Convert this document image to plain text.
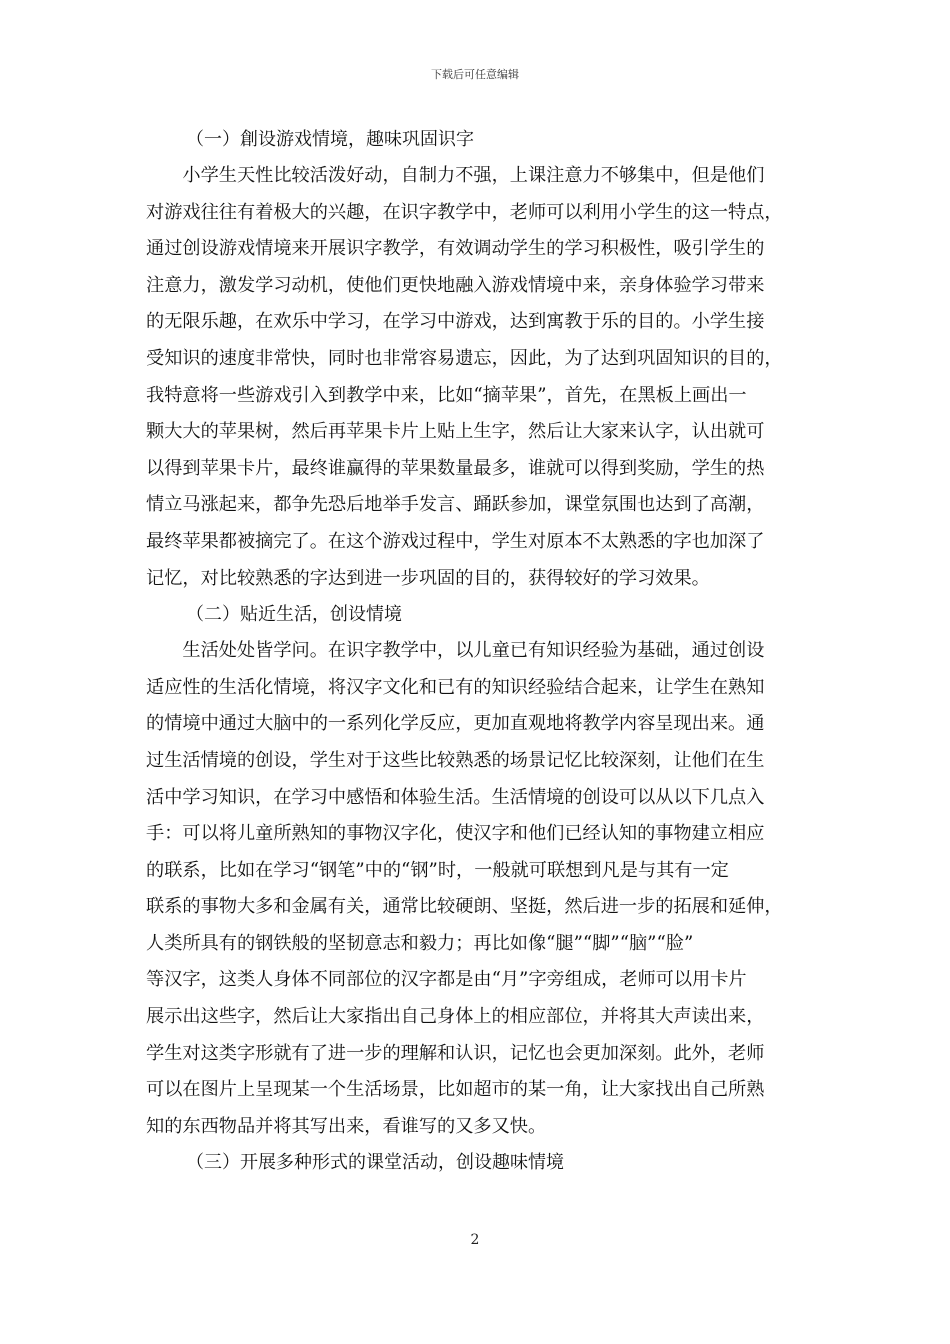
下载后可任意编辑
（一）創设游戏情境，趣味巩固识字
小学生天性比较活泼好动，自制力不强，上课注意力不够集中，但是他们
对游戏往往有着极大的兴趣，在识字教学中，老师可以利用小学生的这一特点，
通过创设游戏情境来开展识字教学，有效调动学生的学习积极性，吸引学生的
注意力，激发学习动机，使他们更快地融入游戏情境中来，亲身体验学习带来
的无限乐趣，在欢乐中学习，在学习中游戏，达到寓教于乐的目的。小学生接
受知识的速度非常快，同时也非常容易遗忘，因此，为了达到巩固知识的目的，
我特意将一些游戏引入到教学中来，比如“摘苹果”，首先，在黑板上画出一
颗大大的苹果树，然后再苹果卡片上贴上生字，然后让大家来认字，认出就可
以得到苹果卡片，最终谁赢得的苹果数量最多，谁就可以得到奖励，学生的热
情立马涨起来，都争先恐后地举手发言、踊跃参加，课堂氛围也达到了高潮，
最终苹果都被摘完了。在这个游戏过程中，学生对原本不太熟悉的字也加深了
记忆，对比较熟悉的字达到进一步巩固的目的，获得较好的学习效果。
（二）贴近生活，创设情境
生活处处皆学问。在识字教学中，以儿童已有知识经验为基础，通过创设
适应性的生活化情境，将汉字文化和已有的知识经验结合起来，让学生在熟知
的情境中通过大脑中的一系列化学反应，更加直观地将教学内容呈现出来。通
过生活情境的创设，学生对于这些比较熟悉的场景记忆比较深刻，让他们在生
活中学习知识，在学习中感悟和体验生活。生活情境的创设可以从以下几点入
手：可以将儿童所熟知的事物汉字化，使汉字和他们已经认知的事物建立相应
的联系，比如在学习“钢笔”中的“钢”时，一般就可联想到凡是与其有一定
联系的事物大多和金属有关，通常比较硬朗、坚挺，然后进一步的拓展和延伸，
人类所具有的钢铁般的坚韧意志和毅力；再比如像“腿”“脚”“脑”“脸”
等汉字，这类人身体不同部位的汉字都是由“月”字旁组成，老师可以用卡片
展示出这些字，然后让大家指出自己身体上的相应部位，并将其大声读出来，
学生对这类字形就有了进一步的理解和认识，记忆也会更加深刻。此外，老师
可以在图片上呈现某一个生活场景，比如超市的某一角，让大家找出自己所熟
知的东西物品并将其写出来，看谁写的又多又快。
（三）开展多种形式的课堂活动，创设趣味情境
2
